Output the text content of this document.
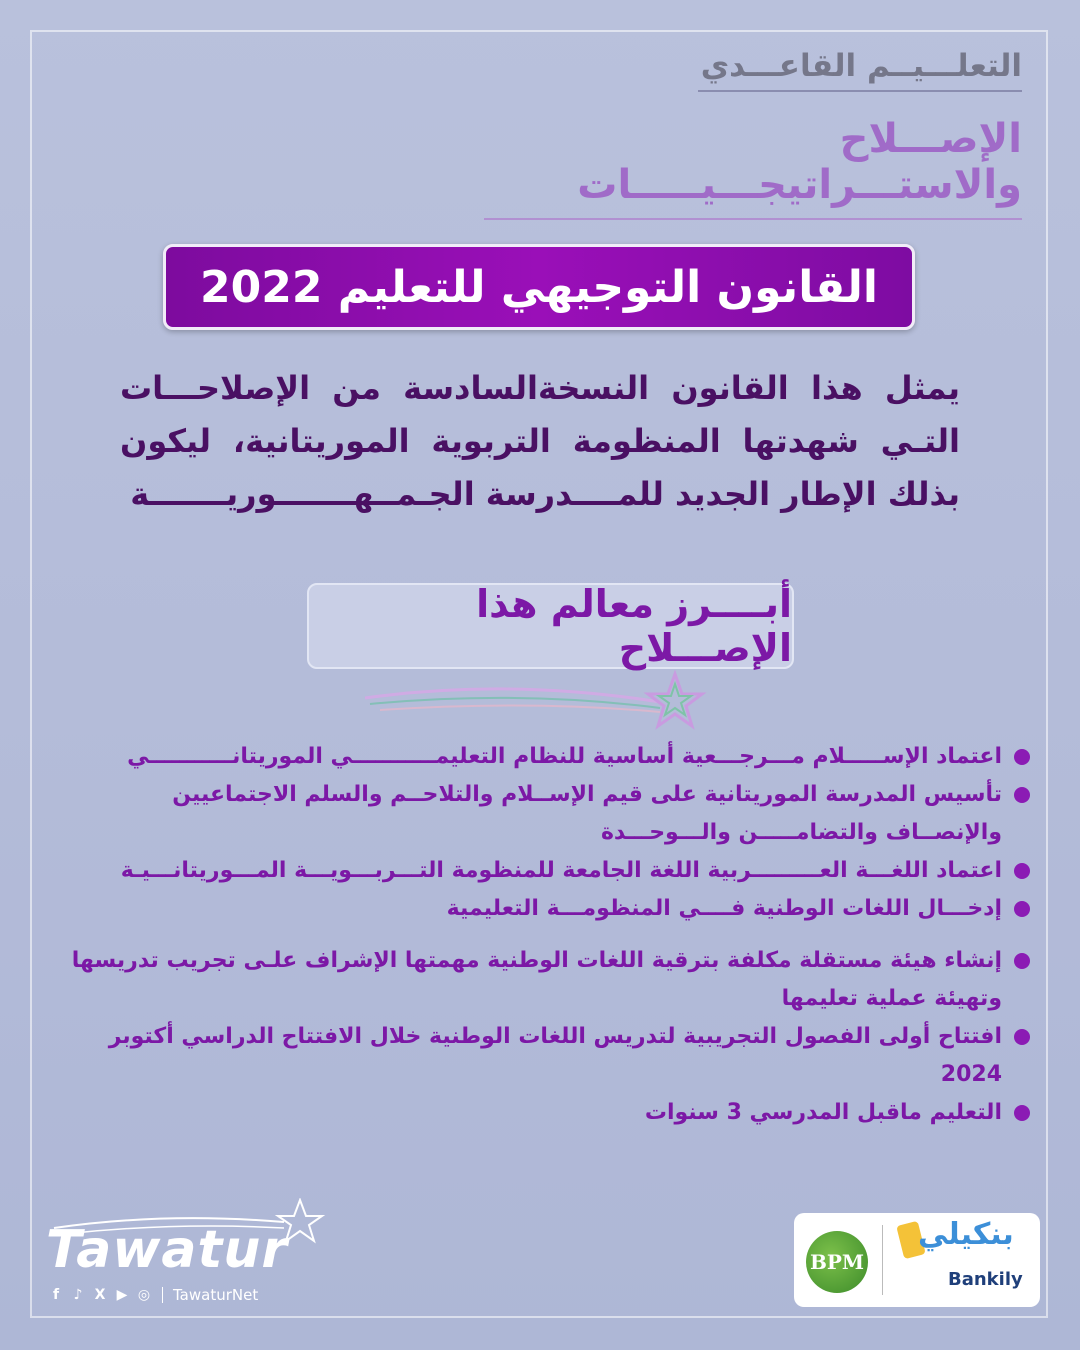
التعلـــيــم القاعـــدي
الإصـــلاح والاستـــراتيجـــيـــــات
القانون التوجيهي للتعليم 2022
يمثل هذا القانون النسخةالسادسة من الإصلاحـــات التـي شهدتها المنظومة التربوية الموريتانية، ليكون بذلك الإطار الجديد للمــــدرسة الجـمــهـــــــوريـــــــة
أبــــرز معالم هذا الإصـــلاح
اعتماد الإســـــلام مـــرجـــعية أساسية للنظام التعليمـــــــــــي الموريتانـــــــــــي
تأسيس المدرسة الموريتانية على قيم الإســلام والتلاحــم والسلم الاجتماعيين والإنصــاف والتضامـــــن والـــوحـــدة
اعتماد اللغـــة العـــــــــربية اللغة الجامعة للمنظومة التـــربـــويـــة المـــوريتانـــيـة
إدخـــال اللغات الوطنية فــــي المنظومـــة التعليمية
إنشاء هيئة مستقلة مكلفة بترقية اللغات الوطنية مهمتها الإشراف علـى تجريب تدريسها وتهيئة عملية تعليمها
افتتاح أولى الفصول التجريبية لتدريس اللغات الوطنية خلال الافتتاح الدراسي أكتوبر 2024
التعليم ماقبل المدرسي 3 سنوات
Tawatur
f	♪ X ▶ ◎ TawaturNet
BPM
بنكيلي
Bankily
